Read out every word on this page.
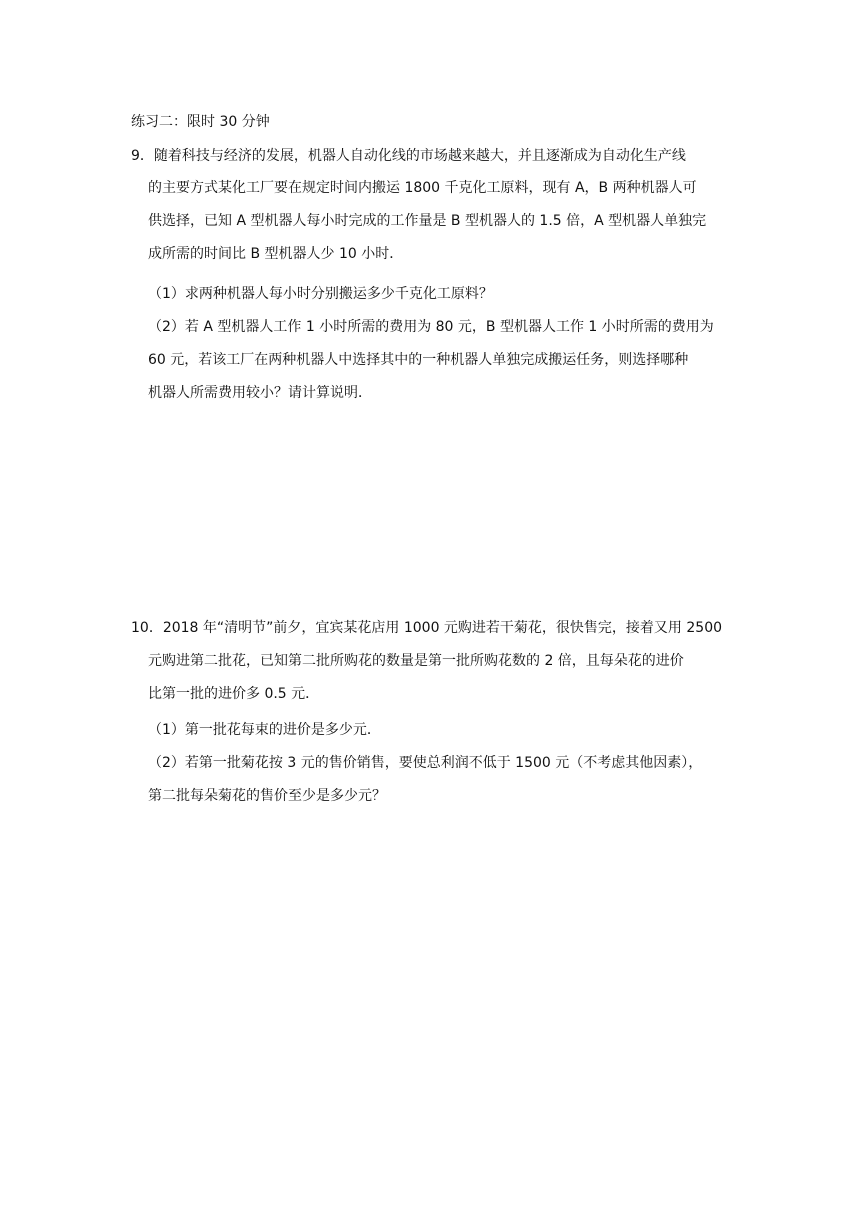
练习二：限时 30 分钟
9．随着科技与经济的发展，机器人自动化线的市场越来越大，并且逐渐成为自动化生产线
的主要方式某化工厂要在规定时间内搬运 1800 千克化工原料，现有 A，B 两种机器人可
供选择，已知 A 型机器人每小时完成的工作量是 B 型机器人的 1.5 倍，A 型机器人单独完
成所需的时间比 B 型机器人少 10 小时．
（1）求两种机器人每小时分别搬运多少千克化工原料？
（2）若 A 型机器人工作 1 小时所需的费用为 80 元，B 型机器人工作 1 小时所需的费用为
60 元，若该工厂在两种机器人中选择其中的一种机器人单独完成搬运任务，则选择哪种
机器人所需费用较小？请计算说明．
10．2018 年“清明节”前夕，宜宾某花店用 1000 元购进若干菊花，很快售完，接着又用 2500
元购进第二批花，已知第二批所购花的数量是第一批所购花数的 2 倍，且每朵花的进价
比第一批的进价多 0.5 元．
（1）第一批花每束的进价是多少元．
（2）若第一批菊花按 3 元的售价销售，要使总利润不低于 1500 元（不考虑其他因素），
第二批每朵菊花的售价至少是多少元？
